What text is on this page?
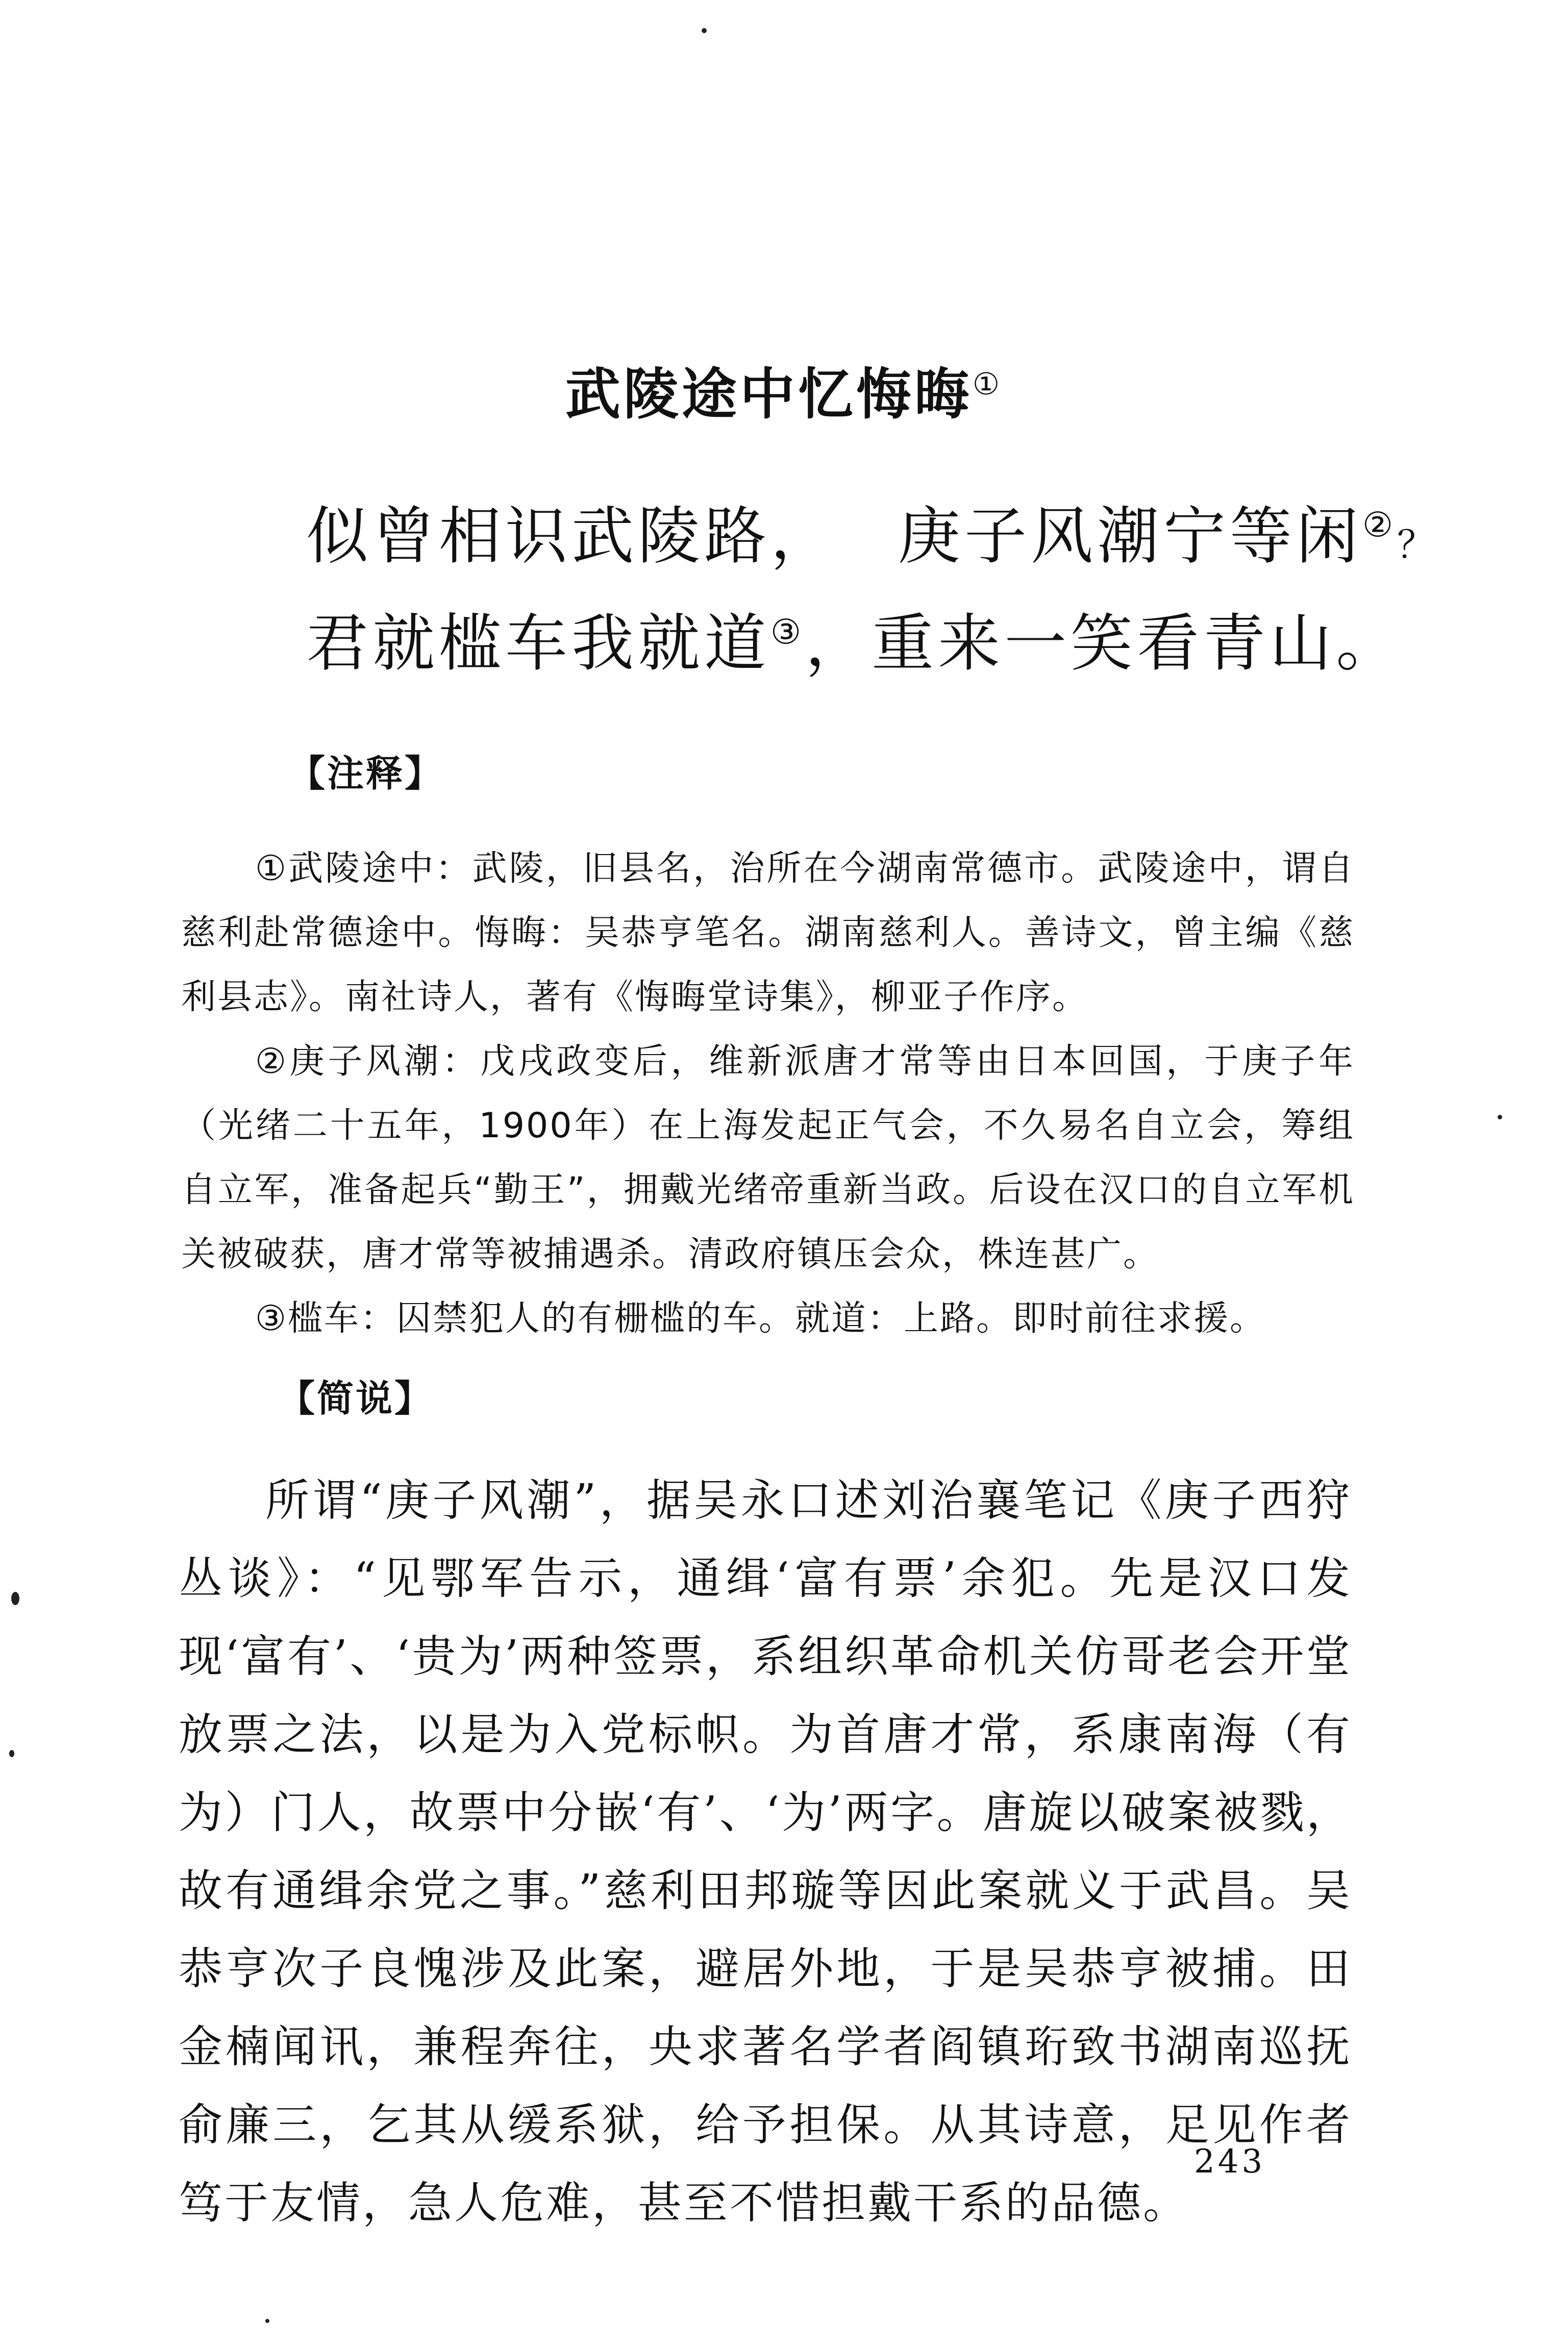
武陵途中忆悔晦①
似曾相识武陵路， 庚子风潮宁等闲②？
君就槛车我就道③，重来一笑看青山。
【注释】

①武陵途中：武陵，旧县名，治所在今湖南常德市。武陵途中，谓自慈利赴常德途中。悔晦：吴恭亨笔名。湖南慈利人。善诗文，曾主编《慈利县志》。南社诗人，著有《悔晦堂诗集》，柳亚子作序。

②庚子风潮：戊戌政变后，维新派唐才常等由日本回国，于庚子年（光绪二十五年，1900年）在上海发起正气会，不久易名自立会，筹组自立军，准备起兵“勤王”，拥戴光绪帝重新当政。后设在汉口的自立军机关被破获，唐才常等被捕遇杀。清政府镇压会众，株连甚广。

③槛车：囚禁犯人的有栅槛的车。就道：上路。即时前往求援。

【简说】

所谓“庚子风潮”，据吴永口述刘治襄笔记《庚子西狩丛谈》：“见鄂军告示，通缉‘富有票’余犯。先是汉口发现‘富有’、‘贵为’两种签票，系组织革命机关仿哥老会开堂放票之法，以是为入党标帜。为首唐才常，系康南海（有为）门人，故票中分嵌‘有’、‘为’两字。唐旋以破案被戮，故有通缉余党之事。”慈利田邦璇等因此案就义于武昌。吴恭亨次子良愧涉及此案，避居外地，于是吴恭亨被捕。田金楠闻讯，兼程奔往，央求著名学者阎镇珩致书湖南巡抚俞廉三，乞其从缓系狱，给予担保。从其诗意，足见作者笃于友情，急人危难，甚至不惜担戴干系的品德。

243
